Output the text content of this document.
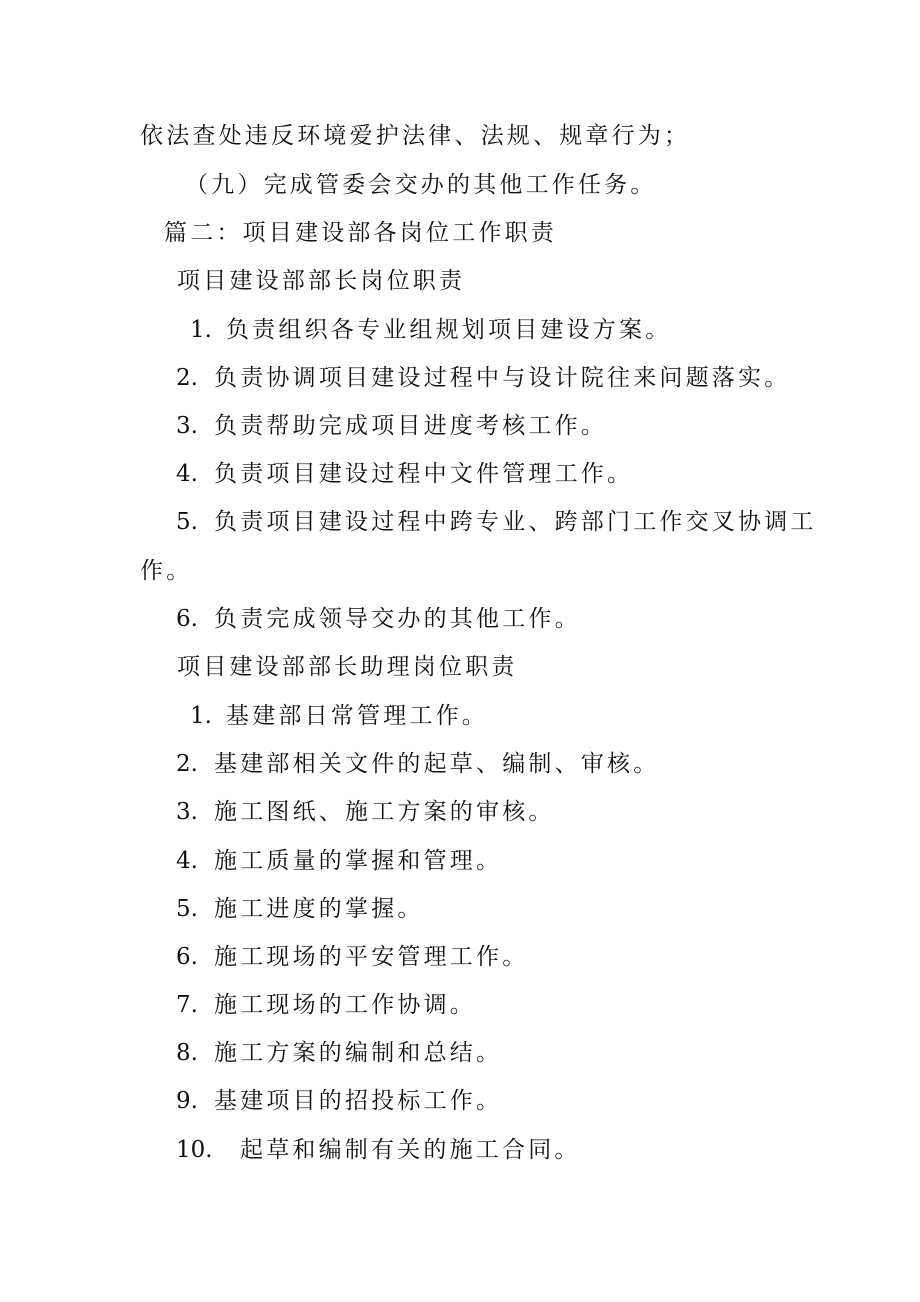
依法查处违反环境爱护法律、法规、规章行为；
（九）完成管委会交办的其他工作任务。
篇二：项目建设部各岗位工作职责
项目建设部部长岗位职责
1. 负责组织各专业组规划项目建设方案。
2. 负责协调项目建设过程中与设计院往来问题落实。
3. 负责帮助完成项目进度考核工作。
4. 负责项目建设过程中文件管理工作。
5. 负责项目建设过程中跨专业、跨部门工作交叉协调工
作。
6. 负责完成领导交办的其他工作。
项目建设部部长助理岗位职责
1. 基建部日常管理工作。
2. 基建部相关文件的起草、编制、审核。
3. 施工图纸、施工方案的审核。
4. 施工质量的掌握和管理。
5. 施工进度的掌握。
6. 施工现场的平安管理工作。
7. 施工现场的工作协调。
8. 施工方案的编制和总结。
9. 基建项目的招投标工作。
10. 起草和编制有关的施工合同。
